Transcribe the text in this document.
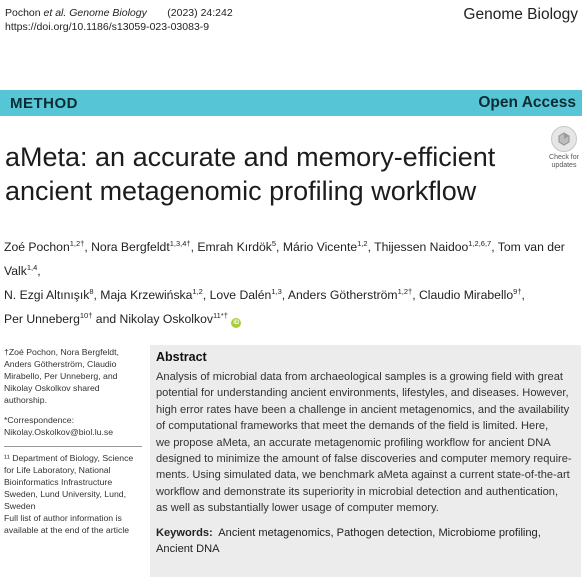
Pochon et al. Genome Biology (2023) 24:242
https://doi.org/10.1186/s13059-023-03083-9
Genome Biology
METHOD	Open Access
aMeta: an accurate and memory-efficient
ancient metagenomic profiling workflow
Check for
updates
Zoé Pochon$^{1,2\dagger}$, Nora Bergfeldt$^{1,3,4\dagger}$, Emrah Kırdök$^5$, Mário Vicente$^{1,2}$, Thijessen Naidoo$^{1,2,6,7}$, Tom van der Valk$^{1,4}$,
N. Ezgi Altınışık$^8$, Maja Krzewińska$^{1,2}$, Love Dalén$^{1,3}$, Anders Götherström$^{1,2\dagger}$, Claudio Mirabello$^{9\dagger}$,
Per Unneberg$^{10\dagger}$ and Nikolay Oskolkov$^{11*\dagger}$ iD
†Zoé Pochon, Nora Bergfeldt, Anders Götherström, Claudio Mirabello, Per Unneberg, and Nikolay Oskolkov shared authorship.
*Correspondence:
Nikolay.Oskolkov@biol.lu.se
¹¹ Department of Biology, Science for Life Laboratory, National Bioinformatics Infrastructure Sweden, Lund University, Lund, Sweden
Full list of author information is available at the end of the article
Abstract
Analysis of microbial data from archaeological samples is a growing field with great
potential for understanding ancient environments, lifestyles, and diseases. However,
high error rates have been a challenge in ancient metagenomics, and the availability
of computational frameworks that meet the demands of the field is limited. Here,
we propose aMeta, an accurate metagenomic profiling workflow for ancient DNA
designed to minimize the amount of false discoveries and computer memory require-
ments. Using simulated data, we benchmark aMeta against a current state-of-the-art
workflow and demonstrate its superiority in microbial detection and authentication,
as well as substantially lower usage of computer memory.
Keywords: Ancient metagenomics, Pathogen detection, Microbiome profiling,
Ancient DNA
